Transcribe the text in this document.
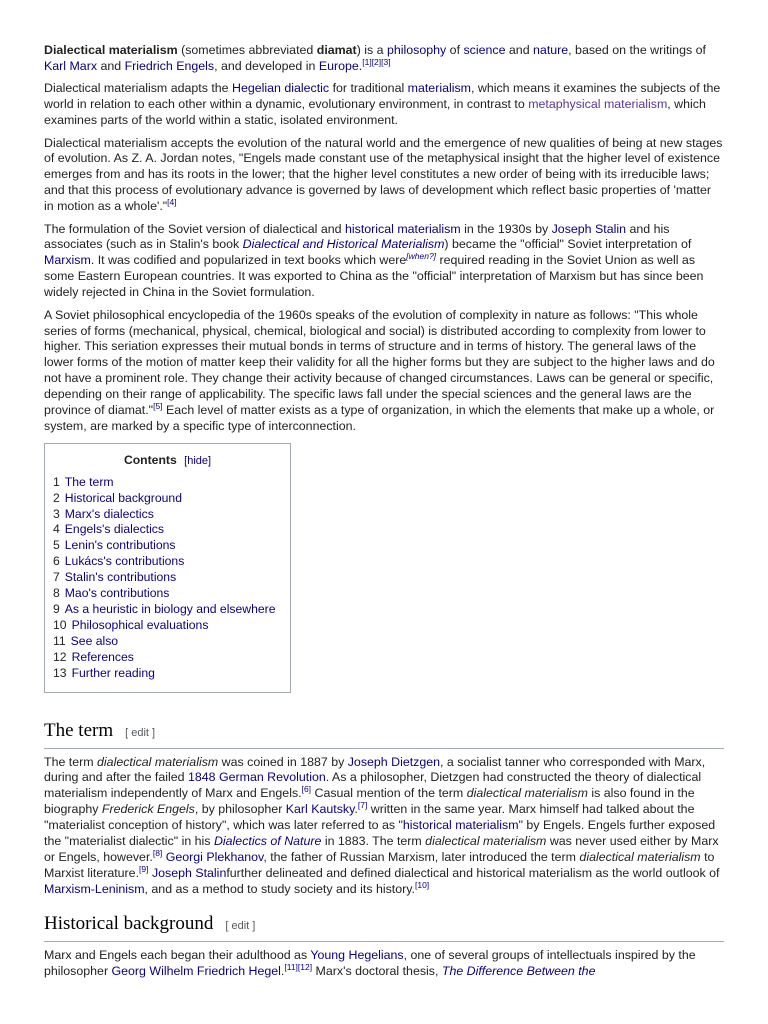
Dialectical materialism (sometimes abbreviated diamat) is a philosophy of science and nature, based on the writings of Karl Marx and Friedrich Engels, and developed in Europe.[1][2][3]

Dialectical materialism adapts the Hegelian dialectic for traditional materialism, which means it examines the subjects of the world in relation to each other within a dynamic, evolutionary environment, in contrast to metaphysical materialism, which examines parts of the world within a static, isolated environment.

Dialectical materialism accepts the evolution of the natural world and the emergence of new qualities of being at new stages of evolution. As Z. A. Jordan notes, "Engels made constant use of the metaphysical insight that the higher level of existence emerges from and has its roots in the lower; that the higher level constitutes a new order of being with its irreducible laws; and that this process of evolutionary advance is governed by laws of development which reflect basic properties of 'matter in motion as a whole'."[4]

The formulation of the Soviet version of dialectical and historical materialism in the 1930s by Joseph Stalin and his associates (such as in Stalin's book Dialectical and Historical Materialism) became the "official" Soviet interpretation of Marxism. It was codified and popularized in text books which were[when?] required reading in the Soviet Union as well as some Eastern European countries. It was exported to China as the "official" interpretation of Marxism but has since been widely rejected in China in the Soviet formulation.

A Soviet philosophical encyclopedia of the 1960s speaks of the evolution of complexity in nature as follows: "This whole series of forms (mechanical, physical, chemical, biological and social) is distributed according to complexity from lower to higher. This seriation expresses their mutual bonds in terms of structure and in terms of history. The general laws of the lower forms of the motion of matter keep their validity for all the higher forms but they are subject to the higher laws and do not have a prominent role. They change their activity because of changed circumstances. Laws can be general or specific, depending on their range of applicability. The specific laws fall under the special sciences and the general laws are the province of diamat."[5] Each level of matter exists as a type of organization, in which the elements that make up a whole, or system, are marked by a specific type of interconnection.

Contents [hide]
1 The term
2 Historical background
3 Marx's dialectics
4 Engels's dialectics
5 Lenin's contributions
6 Lukács's contributions
7 Stalin's contributions
8 Mao's contributions
9 As a heuristic in biology and elsewhere
10 Philosophical evaluations
11 See also
12 References
13 Further reading
The term [ edit ]

The term dialectical materialism was coined in 1887 by Joseph Dietzgen, a socialist tanner who corresponded with Marx, during and after the failed 1848 German Revolution. As a philosopher, Dietzgen had constructed the theory of dialectical materialism independently of Marx and Engels.[6] Casual mention of the term dialectical materialism is also found in the biography Frederick Engels, by philosopher Karl Kautsky.[7] written in the same year. Marx himself had talked about the "materialist conception of history", which was later referred to as "historical materialism" by Engels. Engels further exposed the "materialist dialectic" in his Dialectics of Nature in 1883. The term dialectical materialism was never used either by Marx or Engels, however.[8] Georgi Plekhanov, the father of Russian Marxism, later introduced the term dialectical materialism to Marxist literature.[9] Joseph Stalinfurther delineated and defined dialectical and historical materialism as the world outlook of Marxism-Leninism, and as a method to study society and its history.[10]

Historical background [ edit ]

Marx and Engels each began their adulthood as Young Hegelians, one of several groups of intellectuals inspired by the philosopher Georg Wilhelm Friedrich Hegel.[11][12] Marx's doctoral thesis, The Difference Between the
